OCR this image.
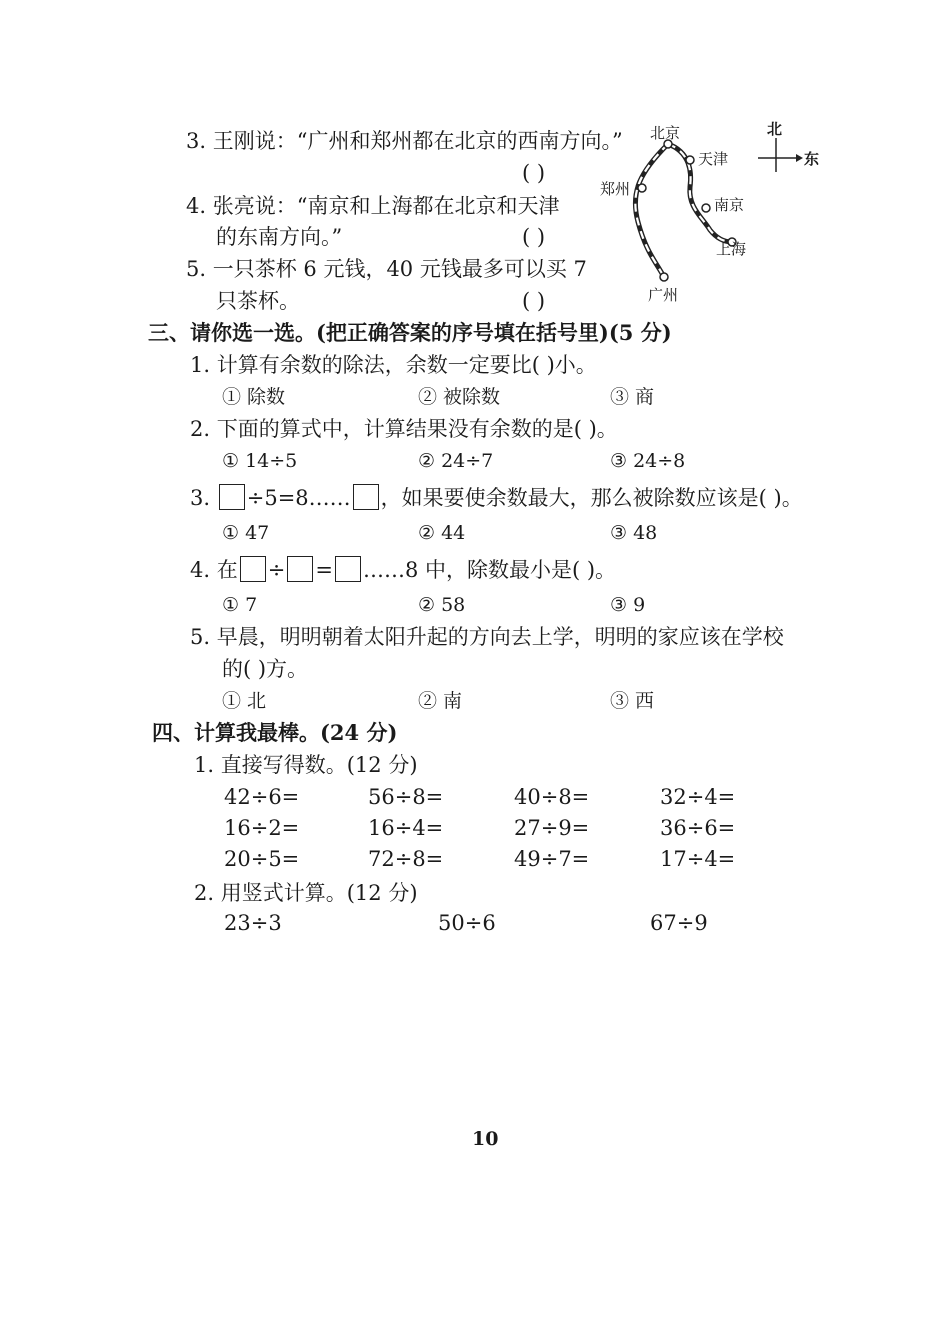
3. 王刚说：“广州和郑州都在北京的西南方向。”
( )
4. 张亮说：“南京和上海都在北京和天津
的东南方向。”	( )
5. 一只茶杯 6 元钱，40 元钱最多可以买 7
只茶杯。	( )
北京
天津
郑州
南京
上海
广州
北
东
三、请你选一选。(把正确答案的序号填在括号里)(5 分)
1. 计算有余数的除法，余数一定要比( )小。
① 除数	② 被除数	③ 商
2. 下面的算式中，计算结果没有余数的是( )。
① 14÷5	② 24÷7	③ 24÷8
3. ÷5=8…… ，如果要使余数最大，那么被除数应该是( )。
① 47	② 44	③ 48
4. 在 ÷ = ……8 中，除数最小是( )。
① 7	② 58	③ 9
5. 早晨，明明朝着太阳升起的方向去上学，明明的家应该在学校
的( )方。
① 北	② 南	③ 西
四、计算我最棒。(24 分)
1. 直接写得数。(12 分)
42÷6=	56÷8=	40÷8=	32÷4=
16÷2=	16÷4=	27÷9=	36÷6=
20÷5=	72÷8=	49÷7=	17÷4=
2. 用竖式计算。(12 分)
23÷3	50÷6	67÷9
10
